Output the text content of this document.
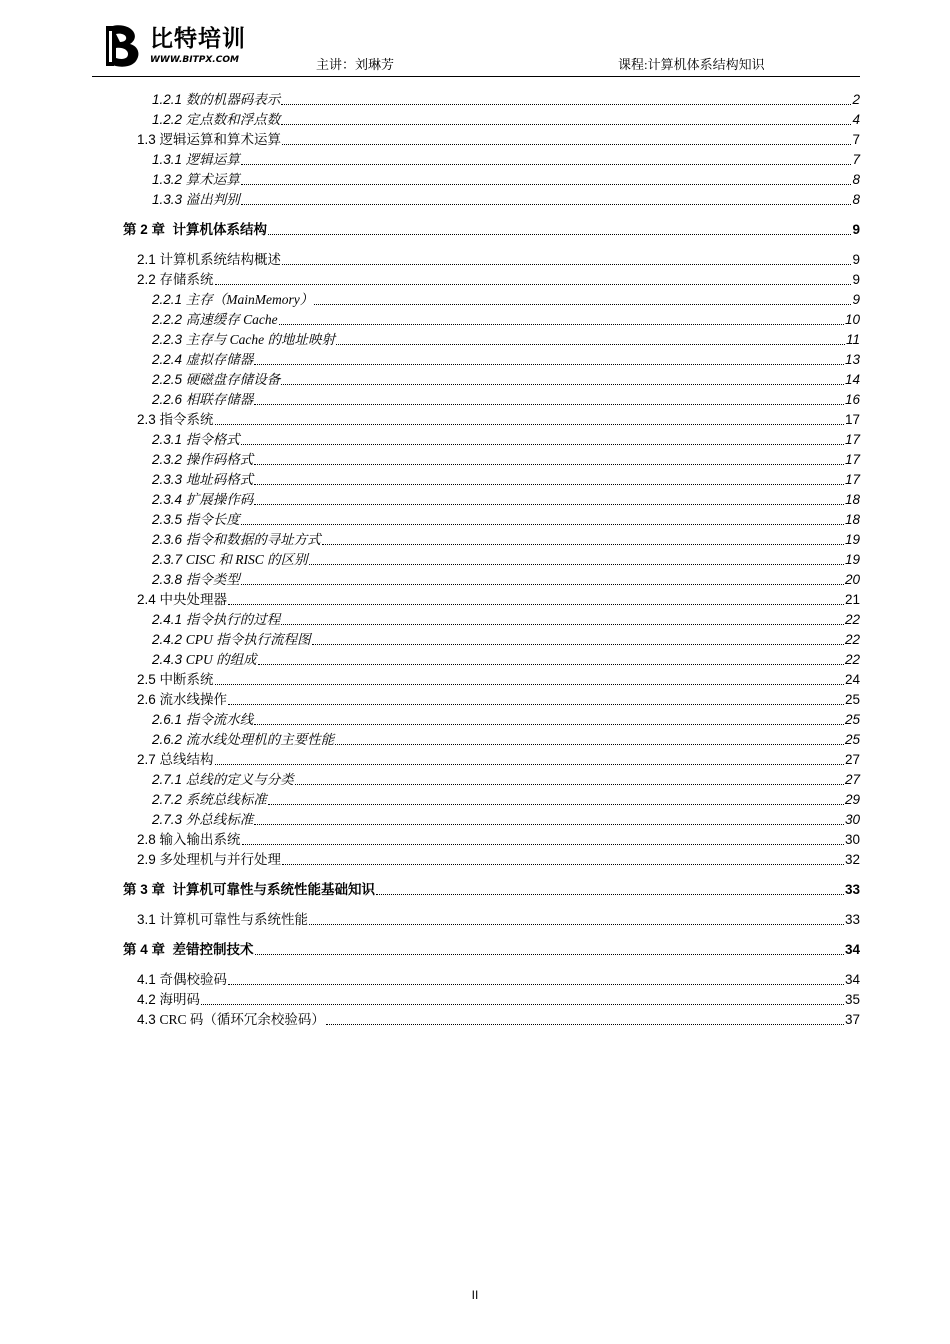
比特培训
WWW.BITPX.COM	主讲：刘琳芳	课程:计算机体系结构知识
1.2.1 数的机器码表示	2
1.2.2 定点数和浮点数	4
1.3 逻辑运算和算术运算	7
1.3.1 逻辑运算	7
1.3.2 算术运算	8
1.3.3 溢出判别	8
第 2 章 计算机体系结构	9
2.1 计算机系统结构概述	9
2.2 存储系统	9
2.2.1 主存（MainMemory）	9
2.2.2 高速缓存 Cache	10
2.2.3 主存与 Cache 的地址映射	11
2.2.4 虚拟存储器	13
2.2.5 硬磁盘存储设备	14
2.2.6 相联存储器	16
2.3 指令系统	17
2.3.1 指令格式	17
2.3.2 操作码格式	17
2.3.3 地址码格式	17
2.3.4 扩展操作码	18
2.3.5 指令长度	18
2.3.6 指令和数据的寻址方式	19
2.3.7 CISC 和 RISC 的区别	19
2.3.8 指令类型	20
2.4 中央处理器	21
2.4.1 指令执行的过程	22
2.4.2 CPU 指令执行流程图	22
2.4.3 CPU 的组成	22
2.5 中断系统	24
2.6 流水线操作	25
2.6.1 指令流水线	25
2.6.2 流水线处理机的主要性能	25
2.7 总线结构	27
2.7.1 总线的定义与分类	27
2.7.2 系统总线标准	29
2.7.3 外总线标准	30
2.8 输入输出系统	30
2.9 多处理机与并行处理	32
第 3 章 计算机可靠性与系统性能基础知识	33
3.1 计算机可靠性与系统性能	33
第 4 章 差错控制技术	34
4.1 奇偶校验码	34
4.2 海明码	35
4.3 CRC 码（循环冗余校验码）	37
II
